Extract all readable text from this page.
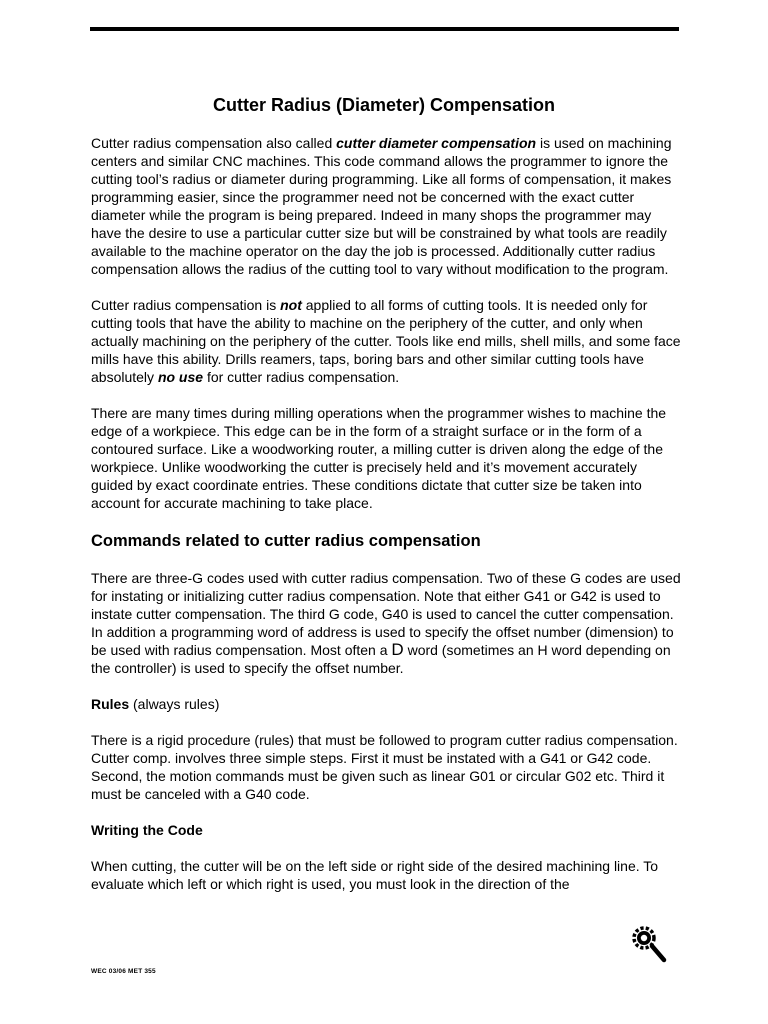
Cutter Radius (Diameter) Compensation

Cutter radius compensation also called cutter diameter compensation is used on machining centers and similar CNC machines. This code command allows the programmer to ignore the cutting tool’s radius or diameter during programming. Like all forms of compensation, it makes programming easier, since the programmer need not be concerned with the exact cutter diameter while the program is being prepared. Indeed in many shops the programmer may have the desire to use a particular cutter size but will be constrained by what tools are readily available to the machine operator on the day the job is processed. Additionally cutter radius compensation allows the radius of the cutting tool to vary without modification to the program.

Cutter radius compensation is not applied to all forms of cutting tools. It is needed only for cutting tools that have the ability to machine on the periphery of the cutter, and only when actually machining on the periphery of the cutter. Tools like end mills, shell mills, and some face mills have this ability. Drills reamers, taps, boring bars and other similar cutting tools have absolutely no use for cutter radius compensation.

There are many times during milling operations when the programmer wishes to machine the edge of a workpiece. This edge can be in the form of a straight surface or in the form of a contoured surface. Like a woodworking router, a milling cutter is driven along the edge of the workpiece. Unlike woodworking the cutter is precisely held and it’s movement accurately guided by exact coordinate entries. These conditions dictate that cutter size be taken into account for accurate machining to take place.

Commands related to cutter radius compensation

There are three-G codes used with cutter radius compensation. Two of these G codes are used for instating or initializing cutter radius compensation. Note that either G41 or G42 is used to instate cutter compensation. The third G code, G40 is used to cancel the cutter compensation. In addition a programming word of address is used to specify the offset number (dimension) to be used with radius compensation. Most often a D word (sometimes an H word depending on the controller) is used to specify the offset number.

Rules (always rules)

There is a rigid procedure (rules) that must be followed to program cutter radius compensation. Cutter comp. involves three simple steps. First it must be instated with a G41 or G42 code. Second, the motion commands must be given such as linear G01 or circular G02 etc. Third it must be canceled with a G40 code.

Writing the Code

When cutting, the cutter will be on the left side or right side of the desired machining line. To evaluate which left or which right is used, you must look in the direction of the

WEC 03/06 MET 355
